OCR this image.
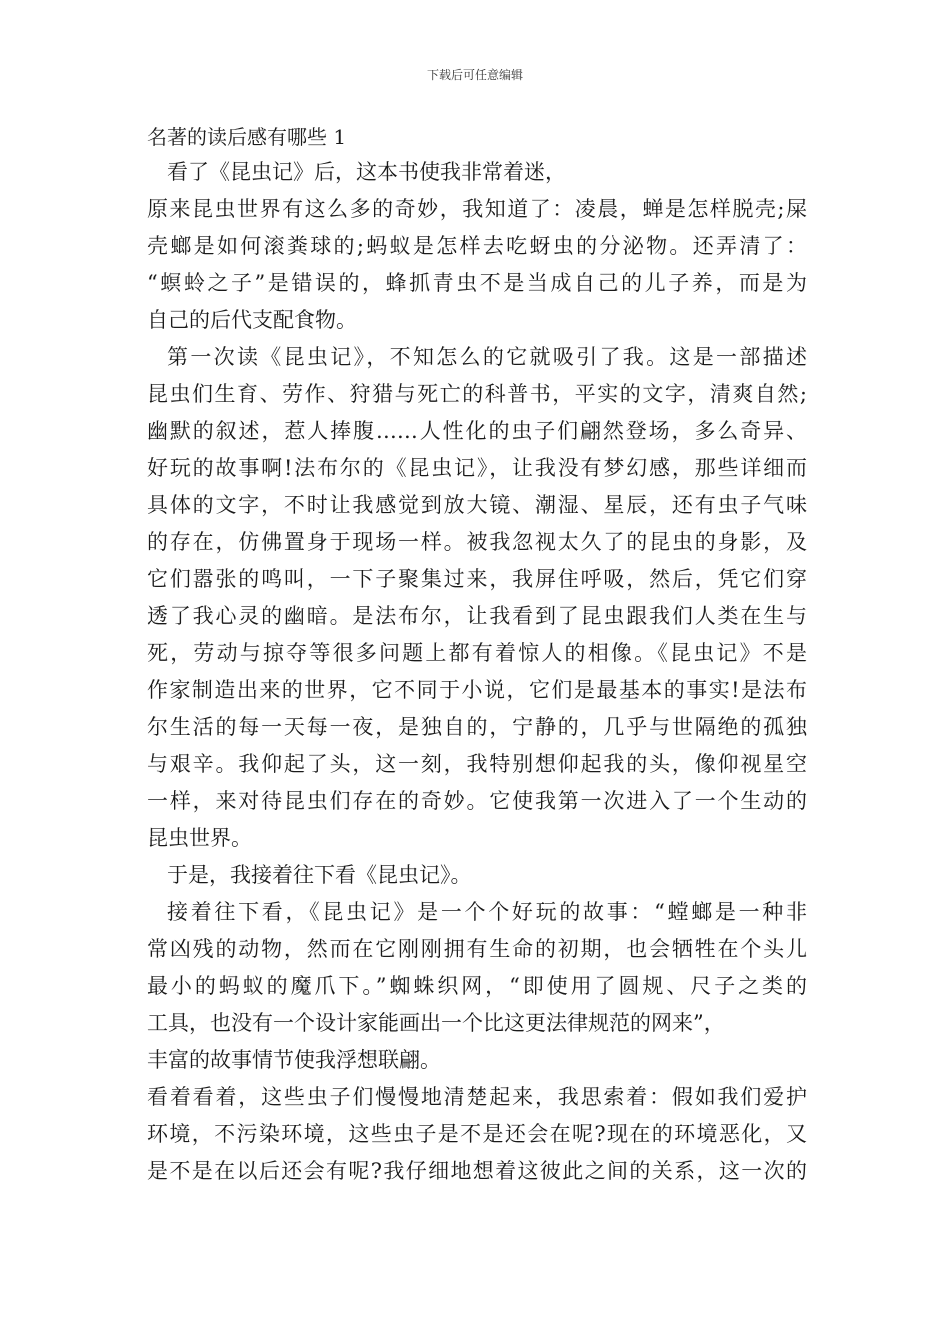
下载后可任意编辑
名著的读后感有哪些 1

看了《昆虫记》后，这本书使我非常着迷，

原来昆虫世界有这么多的奇妙，我知道了：凌晨，蝉是怎样脱壳;屎

壳螂是如何滚粪球的;蚂蚁是怎样去吃蚜虫的分泌物。还弄清了：

“螟蛉之子”是错误的，蜂抓青虫不是当成自己的儿子养，而是为

自己的后代支配食物。

第一次读《昆虫记》，不知怎么的它就吸引了我。这是一部描述

昆虫们生育、劳作、狩猎与死亡的科普书，平实的文字，清爽自然;

幽默的叙述，惹人捧腹……人性化的虫子们翩然登场，多么奇异、

好玩的故事啊!法布尔的《昆虫记》，让我没有梦幻感，那些详细而

具体的文字，不时让我感觉到放大镜、潮湿、星辰，还有虫子气味

的存在，仿佛置身于现场一样。被我忽视太久了的昆虫的身影，及

它们嚣张的鸣叫，一下子聚集过来，我屏住呼吸，然后，凭它们穿

透了我心灵的幽暗。是法布尔，让我看到了昆虫跟我们人类在生与

死，劳动与掠夺等很多问题上都有着惊人的相像。《昆虫记》不是

作家制造出来的世界，它不同于小说，它们是最基本的事实!是法布

尔生活的每一天每一夜，是独自的，宁静的，几乎与世隔绝的孤独

与艰辛。我仰起了头，这一刻，我特别想仰起我的头，像仰视星空

一样，来对待昆虫们存在的奇妙。它使我第一次进入了一个生动的

昆虫世界。

于是，我接着往下看《昆虫记》。

接着往下看，《昆虫记》是一个个好玩的故事：“螳螂是一种非

常凶残的动物，然而在它刚刚拥有生命的初期，也会牺牲在个头儿

最小的蚂蚁的魔爪下。”蜘蛛织网，“即使用了圆规、尺子之类的

工具，也没有一个设计家能画出一个比这更法律规范的网来”，

丰富的故事情节使我浮想联翩。

看着看着，这些虫子们慢慢地清楚起来，我思索着：假如我们爱护

环境，不污染环境，这些虫子是不是还会在呢?现在的环境恶化，又

是不是在以后还会有呢?我仔细地想着这彼此之间的关系，这一次的
